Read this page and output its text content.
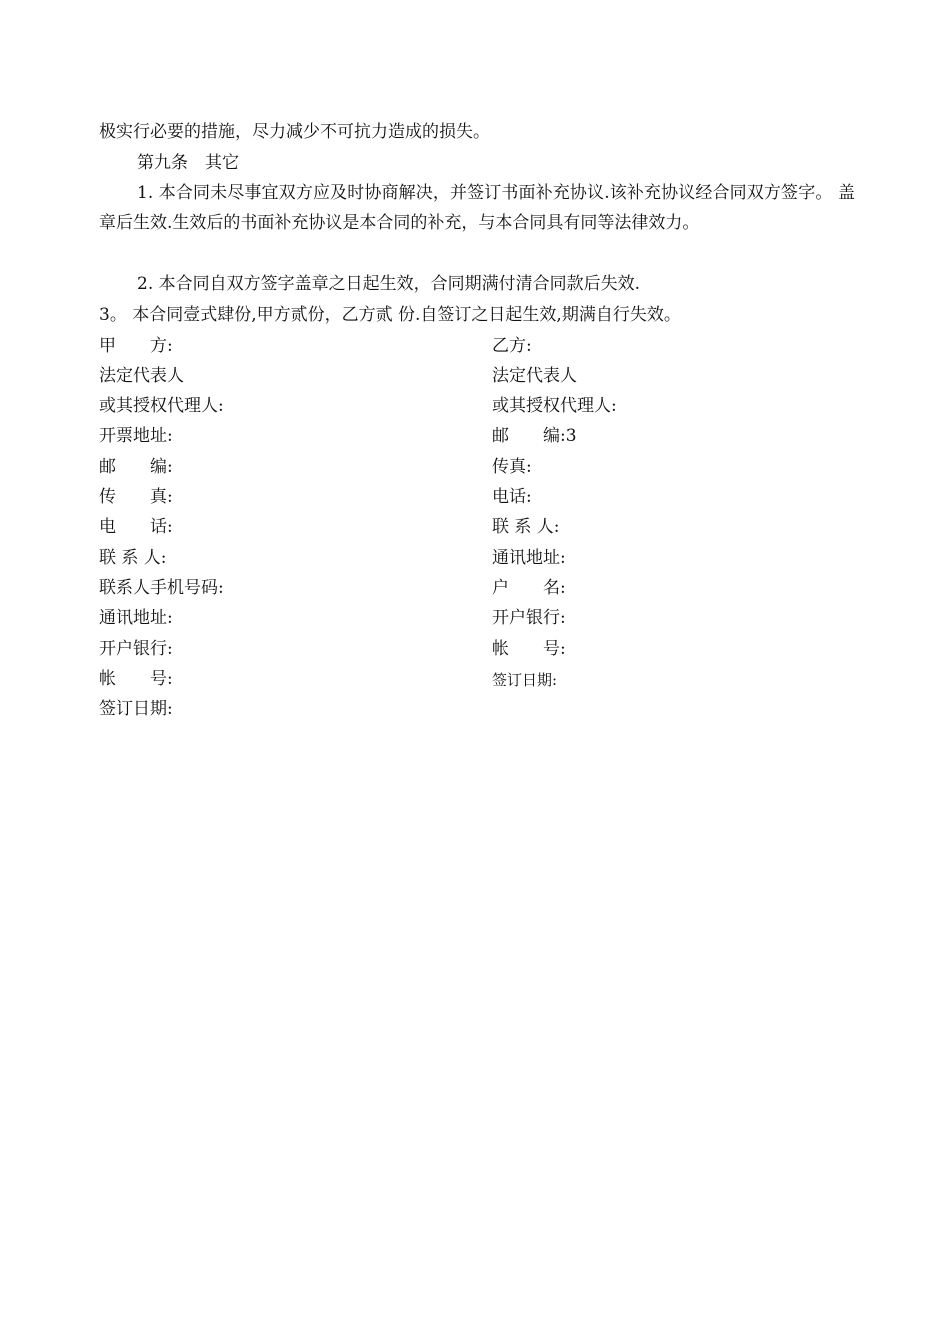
极实行必要的措施，尽力减少不可抗力造成的损失。
第九条　其它
1. 本合同未尽事宜双方应及时协商解决，并签订书面补充协议.该补充协议经合同双方签字。 盖章后生效.生效后的书面补充协议是本合同的补充，与本合同具有同等法律效力。
2. 本合同自双方签字盖章之日起生效，合同期满付清合同款后失效.
3。 本合同壹式肆份,甲方贰份，乙方贰 份.自签订之日起生效,期满自行失效。
甲　　方:
法定代表人
或其授权代理人:
开票地址:
邮　　编:
传　　真:
电　　话:
联 系 人:
联系人手机号码:
通讯地址:
开户银行:
帐　　号:
签订日期:
乙方:
法定代表人
或其授权代理人:
邮　　编:3
传真:
电话:
联 系 人:
通讯地址:
户　　名:
开户银行:
帐　　号:
签订日期:
